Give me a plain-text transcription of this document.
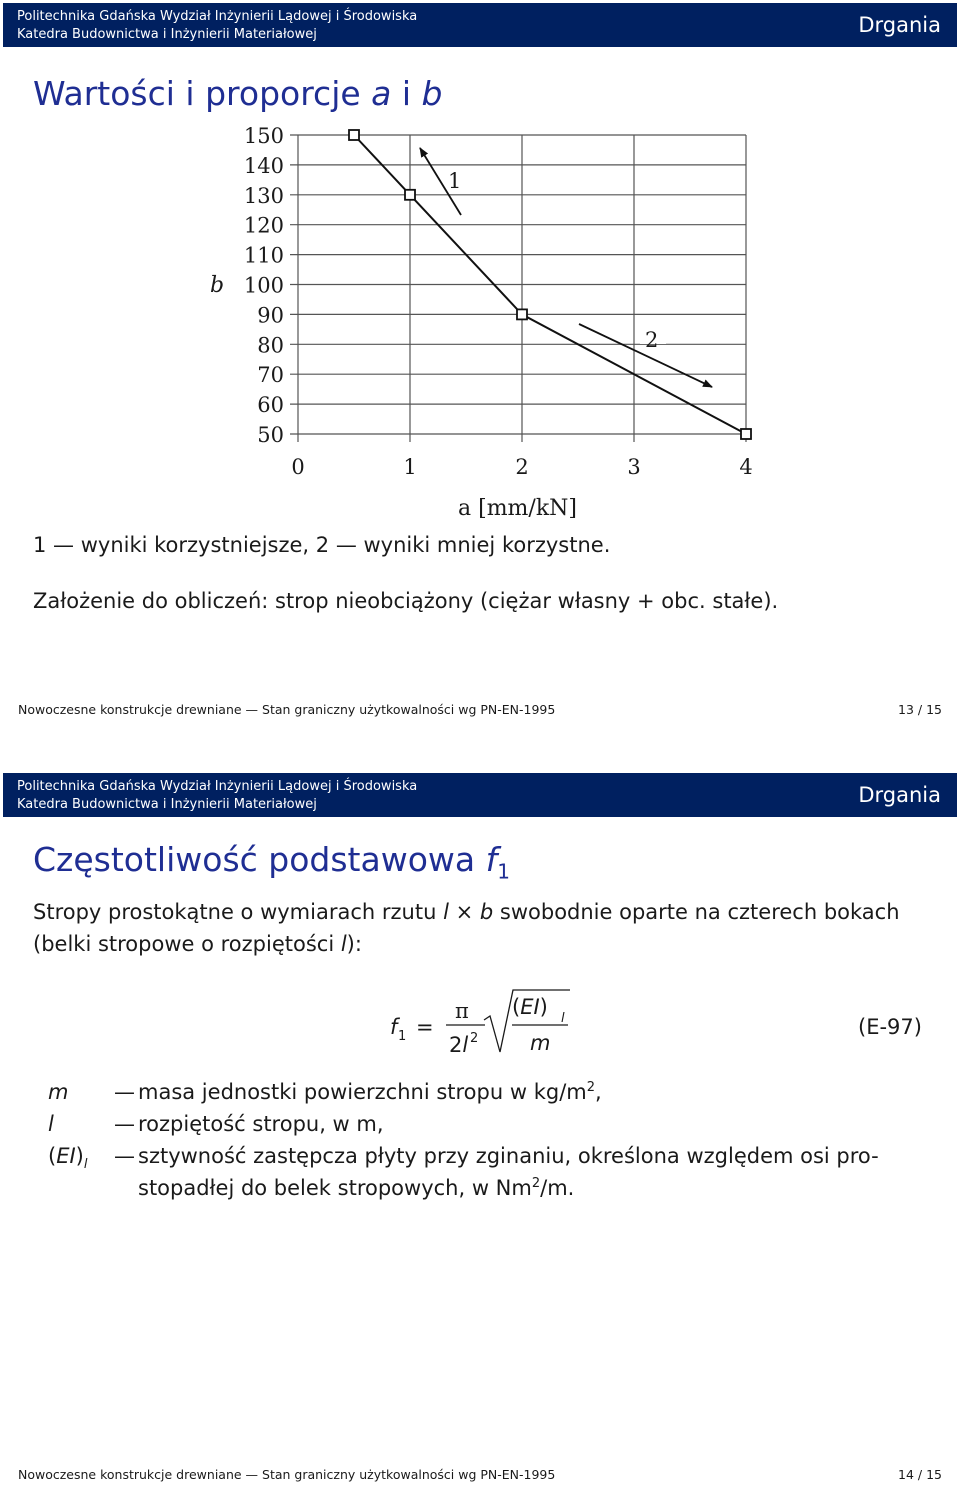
Politechnika Gdańska Wydział Inżynierii Lądowej i Środowiska
Katedra Budownictwa i Inżynierii Materiałowej	Drgania
Wartości i proporcje a i b
150
140
130
120
110
100
90
80
70
60
50
0	1	2	3	4
1
2
b
a [mm/kN]
1 — wyniki korzystniejsze, 2 — wyniki mniej korzystne.
Założenie do obliczeń: strop nieobciążony (ciężar własny + obc. stałe).
Nowoczesne konstrukcje drewniane — Stan graniczny użytkowalności wg PN-EN-1995	13 / 15
Politechnika Gdańska Wydział Inżynierii Lądowej i Środowiska
Katedra Budownictwa i Inżynierii Materiałowej	Drgania
Częstotliwość podstawowa $f_1$
Stropy prostokątne o wymiarach rzutu l × b swobodnie oparte na czterech bokach
(belki stropowe o rozpiętości l):
f 1 =
π
2l 2
(EI) l
m
(E-97)
m — masa jednostki powierzchni stropu w $kg/m^2$,
l	— rozpiętość stropu, w m,
$(EI)_l$ — sztywność zastępcza płyty przy zginaniu, określona względem osi pro-
stopadłej do belek stropowych, w Nm$^2$/m.
Nowoczesne konstrukcje drewniane — Stan graniczny użytkowalności wg PN-EN-1995	14 / 15
